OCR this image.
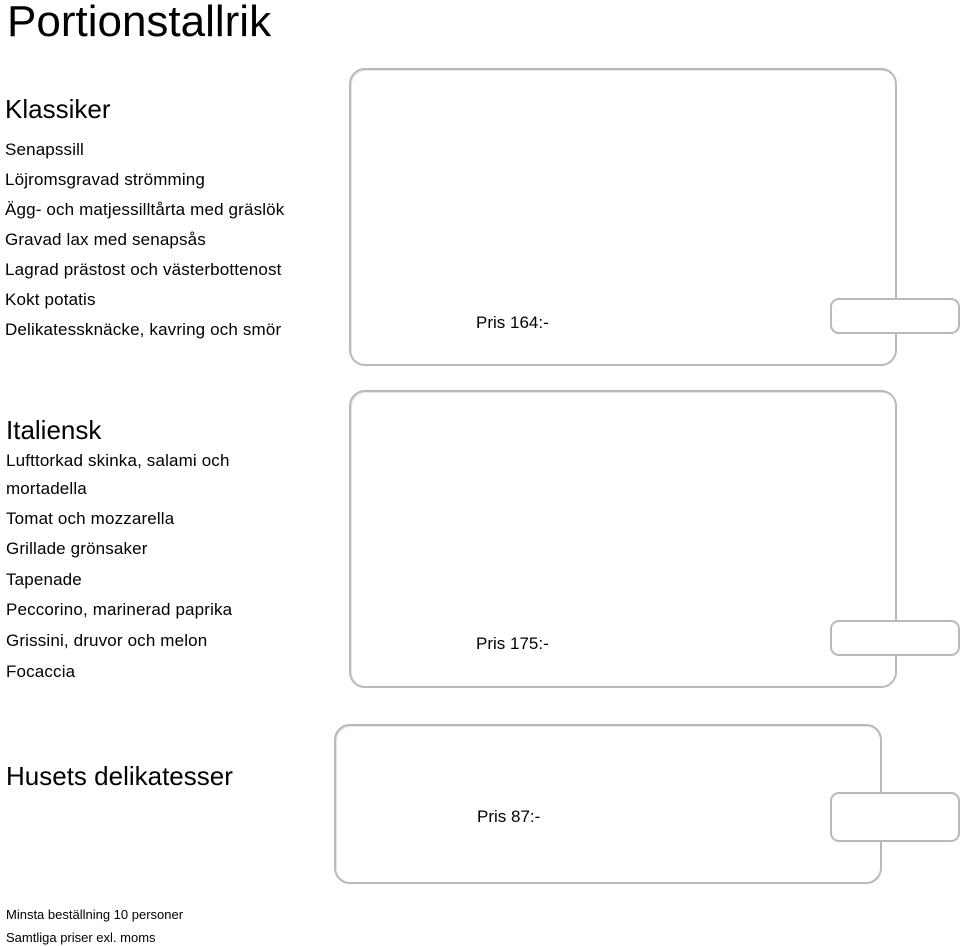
Portionstallrik
Klassiker
Senapssill
Löjromsgravad strömming
Ägg- och matjessilltårta med gräslök
Gravad lax med senapsås
Lagrad prästost och västerbottenost
Kokt potatis
Delikatessknäcke, kavring och smör	Pris 164:-
Italiensk
Lufttorkad skinka, salami och
mortadella
Tomat och mozzarella
Grillade grönsaker
Tapenade
Peccorino, marinerad paprika
Grissini, druvor och melon
Focaccia
Pris 175:-
Husets delikatesser
Pris 87:-
Minsta beställning 10 personer
Samtliga priser exl. moms
